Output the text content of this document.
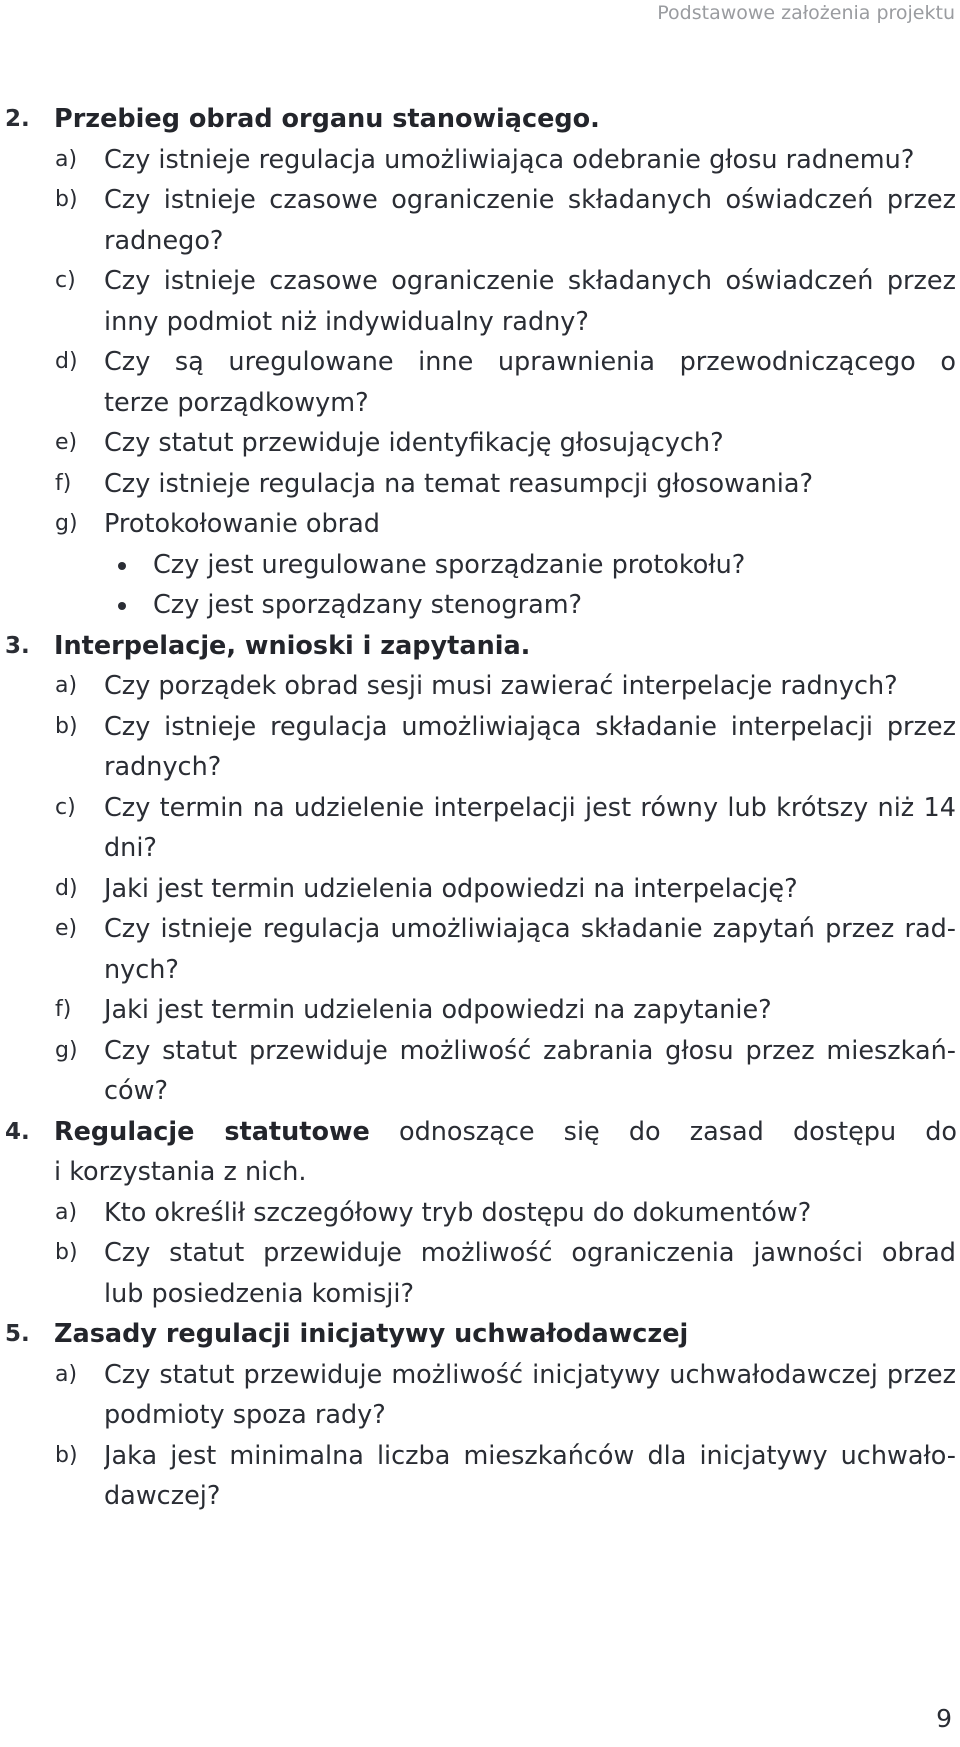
Podstawowe założenia projektu
2. Przebieg obrad organu stanowiącego.
a) Czy istnieje regulacja umożliwiająca odebranie głosu radnemu?
b) Czy istnieje czasowe ograniczenie składanych oświadczeń przez
radnego?
c) Czy istnieje czasowe ograniczenie składanych oświadczeń przez
inny podmiot niż indywidualny radny?
d) Czy są uregulowane inne uprawnienia przewodniczącego o
terze porządkowym?
e) Czy statut przewiduje identyfikację głosujących?
f) Czy istnieje regulacja na temat reasumpcji głosowania?
g) Protokołowanie obrad
Czy jest uregulowane sporządzanie protokołu?
Czy jest sporządzany stenogram?
3. Interpelacje, wnioski i zapytania.
a) Czy porządek obrad sesji musi zawierać interpelacje radnych?
b) Czy istnieje regulacja umożliwiająca składanie interpelacji przez
radnych?
c) Czy termin na udzielenie interpelacji jest równy lub krótszy niż 14
dni?
d) Jaki jest termin udzielenia odpowiedzi na interpelację?
e) Czy istnieje regulacja umożliwiająca składanie zapytań przez rad-
nych?
f) Jaki jest termin udzielenia odpowiedzi na zapytanie?
g) Czy statut przewiduje możliwość zabrania głosu przez mieszkań-
ców?
4. Regulacje statutowe odnoszące się do zasad dostępu do
i korzystania z nich.
a) Kto określił szczegółowy tryb dostępu do dokumentów?
b) Czy statut przewiduje możliwość ograniczenia jawności obrad
lub posiedzenia komisji?
5. Zasady regulacji inicjatywy uchwałodawczej
a) Czy statut przewiduje możliwość inicjatywy uchwałodawczej przez
podmioty spoza rady?
b) Jaka jest minimalna liczba mieszkańców dla inicjatywy uchwało-
dawczej?
9
